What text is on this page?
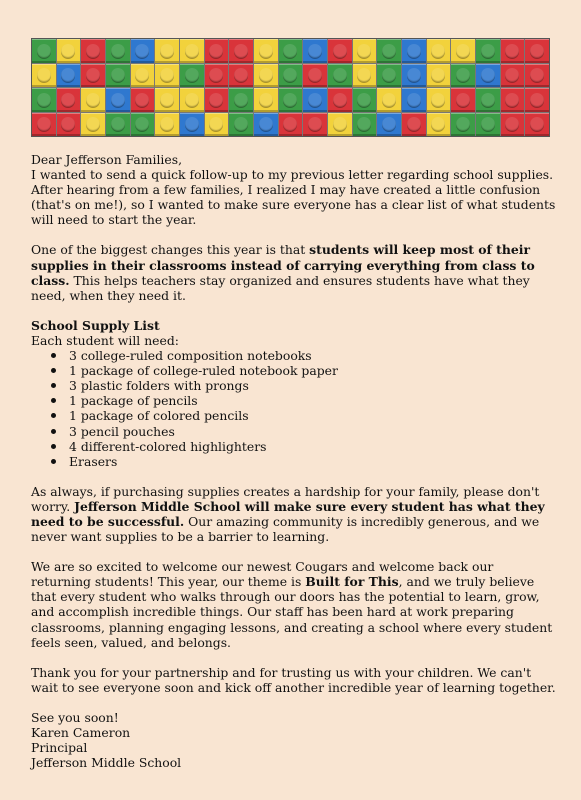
Dear Jefferson Families,

I wanted to send a quick follow-up to my previous letter regarding school supplies. After hearing from a few families, I realized I may have created a little confusion (that's on me!), so I wanted to make sure everyone has a clear list of what students will need to start the year.

One of the biggest changes this year is that students will keep most of their supplies in their classrooms instead of carrying everything from class to class. This helps teachers stay organized and ensures students have what they need, when they need it.

School Supply List

Each student will need:

3 college-ruled composition notebooks
1 package of college-ruled notebook paper
3 plastic folders with prongs
1 package of pencils
1 package of colored pencils
3 pencil pouches
4 different-colored highlighters
Erasers

As always, if purchasing supplies creates a hardship for your family, please don't worry. Jefferson Middle School will make sure every student has what they need to be successful. Our amazing community is incredibly generous, and we never want supplies to be a barrier to learning.

We are so excited to welcome our newest Cougars and welcome back our returning students! This year, our theme is Built for This, and we truly believe that every student who walks through our doors has the potential to learn, grow, and accomplish incredible things. Our staff has been hard at work preparing classrooms, planning engaging lessons, and creating a school where every student feels seen, valued, and belongs.

Thank you for your partnership and for trusting us with your children. We can't wait to see everyone soon and kick off another incredible year of learning together.

See you soon!

Karen Cameron

Principal

Jefferson Middle School
